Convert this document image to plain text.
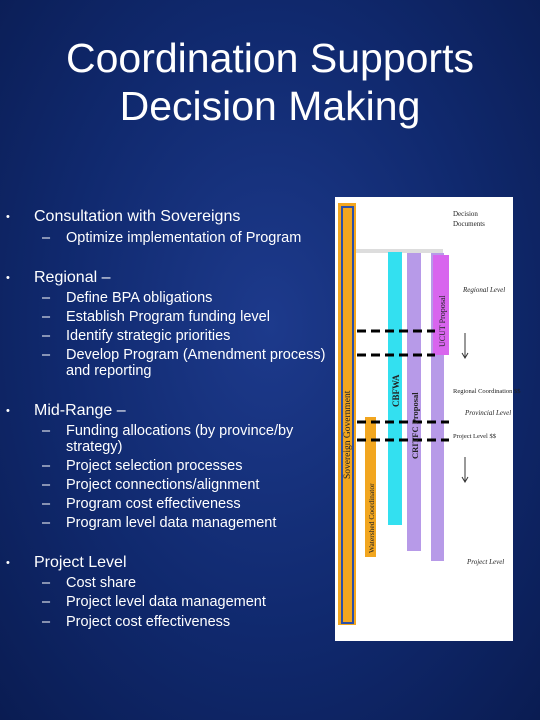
Coordination Supports
Decision Making
•	Consultation with Sovereigns
–	Optimize implementation of Program
•	Regional –
–	Define BPA obligations
–	Establish Program funding level
–	Identify strategic priorities
–	Develop Program (Amendment process) and reporting
•	Mid-Range –
–	Funding allocations (by province/by strategy)
–	Project selection processes
–	Project connections/alignment
–	Program cost effectiveness
–	Program level data management
•	Project Level
–	Cost share
–	Project level data management
–	Project cost effectiveness
Sovereign Government
Watershed Coordinator
CBFWA
CRITFC Proposal
UCUT Proposal
Decision
Documents
Regional Level
Regional Coordination $$
Provincial Level
Project Level $$
Project Level
